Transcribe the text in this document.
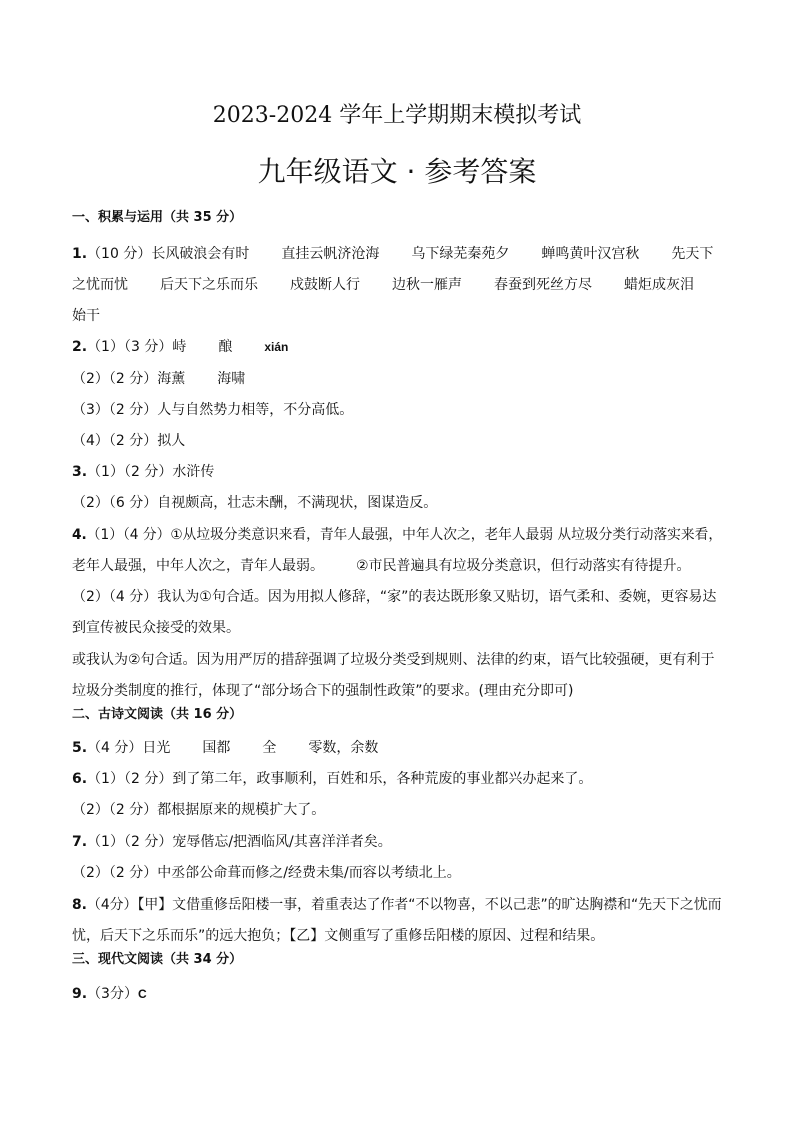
2023-2024 学年上学期期末模拟考试
九年级语文 · 参考答案
一、积累与运用（共 35 分）
1.（10 分）长风破浪会有时 直挂云帆济沧海 乌下绿芜秦苑夕 蝉鸣黄叶汉宫秋 先天下
之忧而忧 后天下之乐而乐 戍鼓断人行 边秋一雁声 春蚕到死丝方尽 蜡炬成灰泪
始干
2.（1）（3 分）峙 酿	xián
（2）（2 分）海薰 海啸
（3）（2 分）人与自然势力相等，不分高低。
（4）（2 分）拟人
3.（1）（2 分）水浒传
（2）（6 分）自视颇高，壮志未酬，不满现状，图谋造反。
4.（1）（4 分）①从垃圾分类意识来看，青年人最强，中年人次之，老年人最弱 从垃圾分类行动落实来看，
老年人最强，中年人次之，青年人最弱。 ②市民普遍具有垃圾分类意识，但行动落实有待提升。
（2）（4 分）我认为①句合适。因为用拟人修辞，“家”的表达既形象又贴切，语气柔和、委婉，更容易达
到宣传被民众接受的效果。
或我认为②句合适。因为用严厉的措辞强调了垃圾分类受到规则、法律的约束，语气比较强硬，更有利于
垃圾分类制度的推行，体现了“部分场合下的强制性政策”的要求。(理由充分即可)
二、古诗文阅读（共 16 分）
5.（4 分）日光 国都 全 零数，余数
6.（1）（2 分）到了第二年，政事顺利，百姓和乐，各种荒废的事业都兴办起来了。
（2）（2 分）都根据原来的规模扩大了。
7.（1）（2 分）宠辱偕忘/把酒临风/其喜洋洋者矣。
（2）（2 分）中丞郃公命葺而修之/经费未集/而容以考绩北上。
8.（4分）【甲】文借重修岳阳楼一事，着重表达了作者“不以物喜，不以己悲”的旷达胸襟和“先天下之忧而
忧，后天下之乐而乐”的远大抱负；【乙】文侧重写了重修岳阳楼的原因、过程和结果。
三、现代文阅读（共 34 分）
9.（3分）C
